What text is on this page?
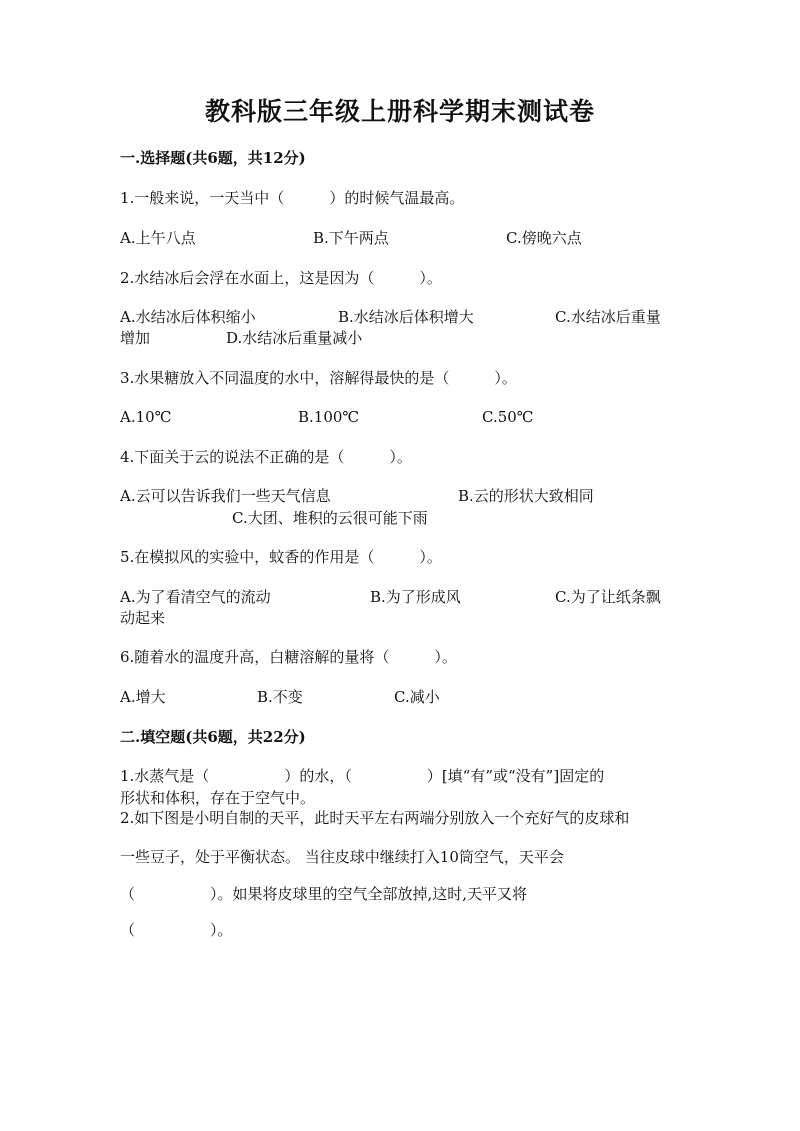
教科版三年级上册科学期末测试卷
一.选择题(共6题，共12分)
1.一般来说，一天当中（　　　）的时候气温最高。
A.上午八点	B.下午两点	C.傍晚六点
2.水结冰后会浮在水面上，这是因为（　　　）。
A.水结冰后体积缩小	B.水结冰后体积增大	C.水结冰后重量
增加	D.水结冰后重量减小
3.水果糖放入不同温度的水中，溶解得最快的是（　　　）。
A.10℃	B.100℃	C.50℃
4.下面关于云的说法不正确的是（　　　）。
A.云可以告诉我们一些天气信息	B.云的形状大致相同
C.大团、堆积的云很可能下雨
5.在模拟风的实验中，蚊香的作用是（　　　）。
A.为了看清空气的流动	B.为了形成风	C.为了让纸条飘
动起来
6.随着水的温度升高，白糖溶解的量将（　　　）。
A.增大	B.不变	C.减小
二.填空题(共6题，共22分)
1.水蒸气是（　　　　　）的水，（　　　　　）[填“有”或“没有”]固定的
形状和体积，存在于空气中。
2.如下图是小明自制的天平，此时天平左右两端分别放入一个充好气的皮球和
一些豆子，处于平衡状态。 当往皮球中继续打入10筒空气，天平会
（　　　　　）。如果将皮球里的空气全部放掉,这时,天平又将
（　　　　　）。
